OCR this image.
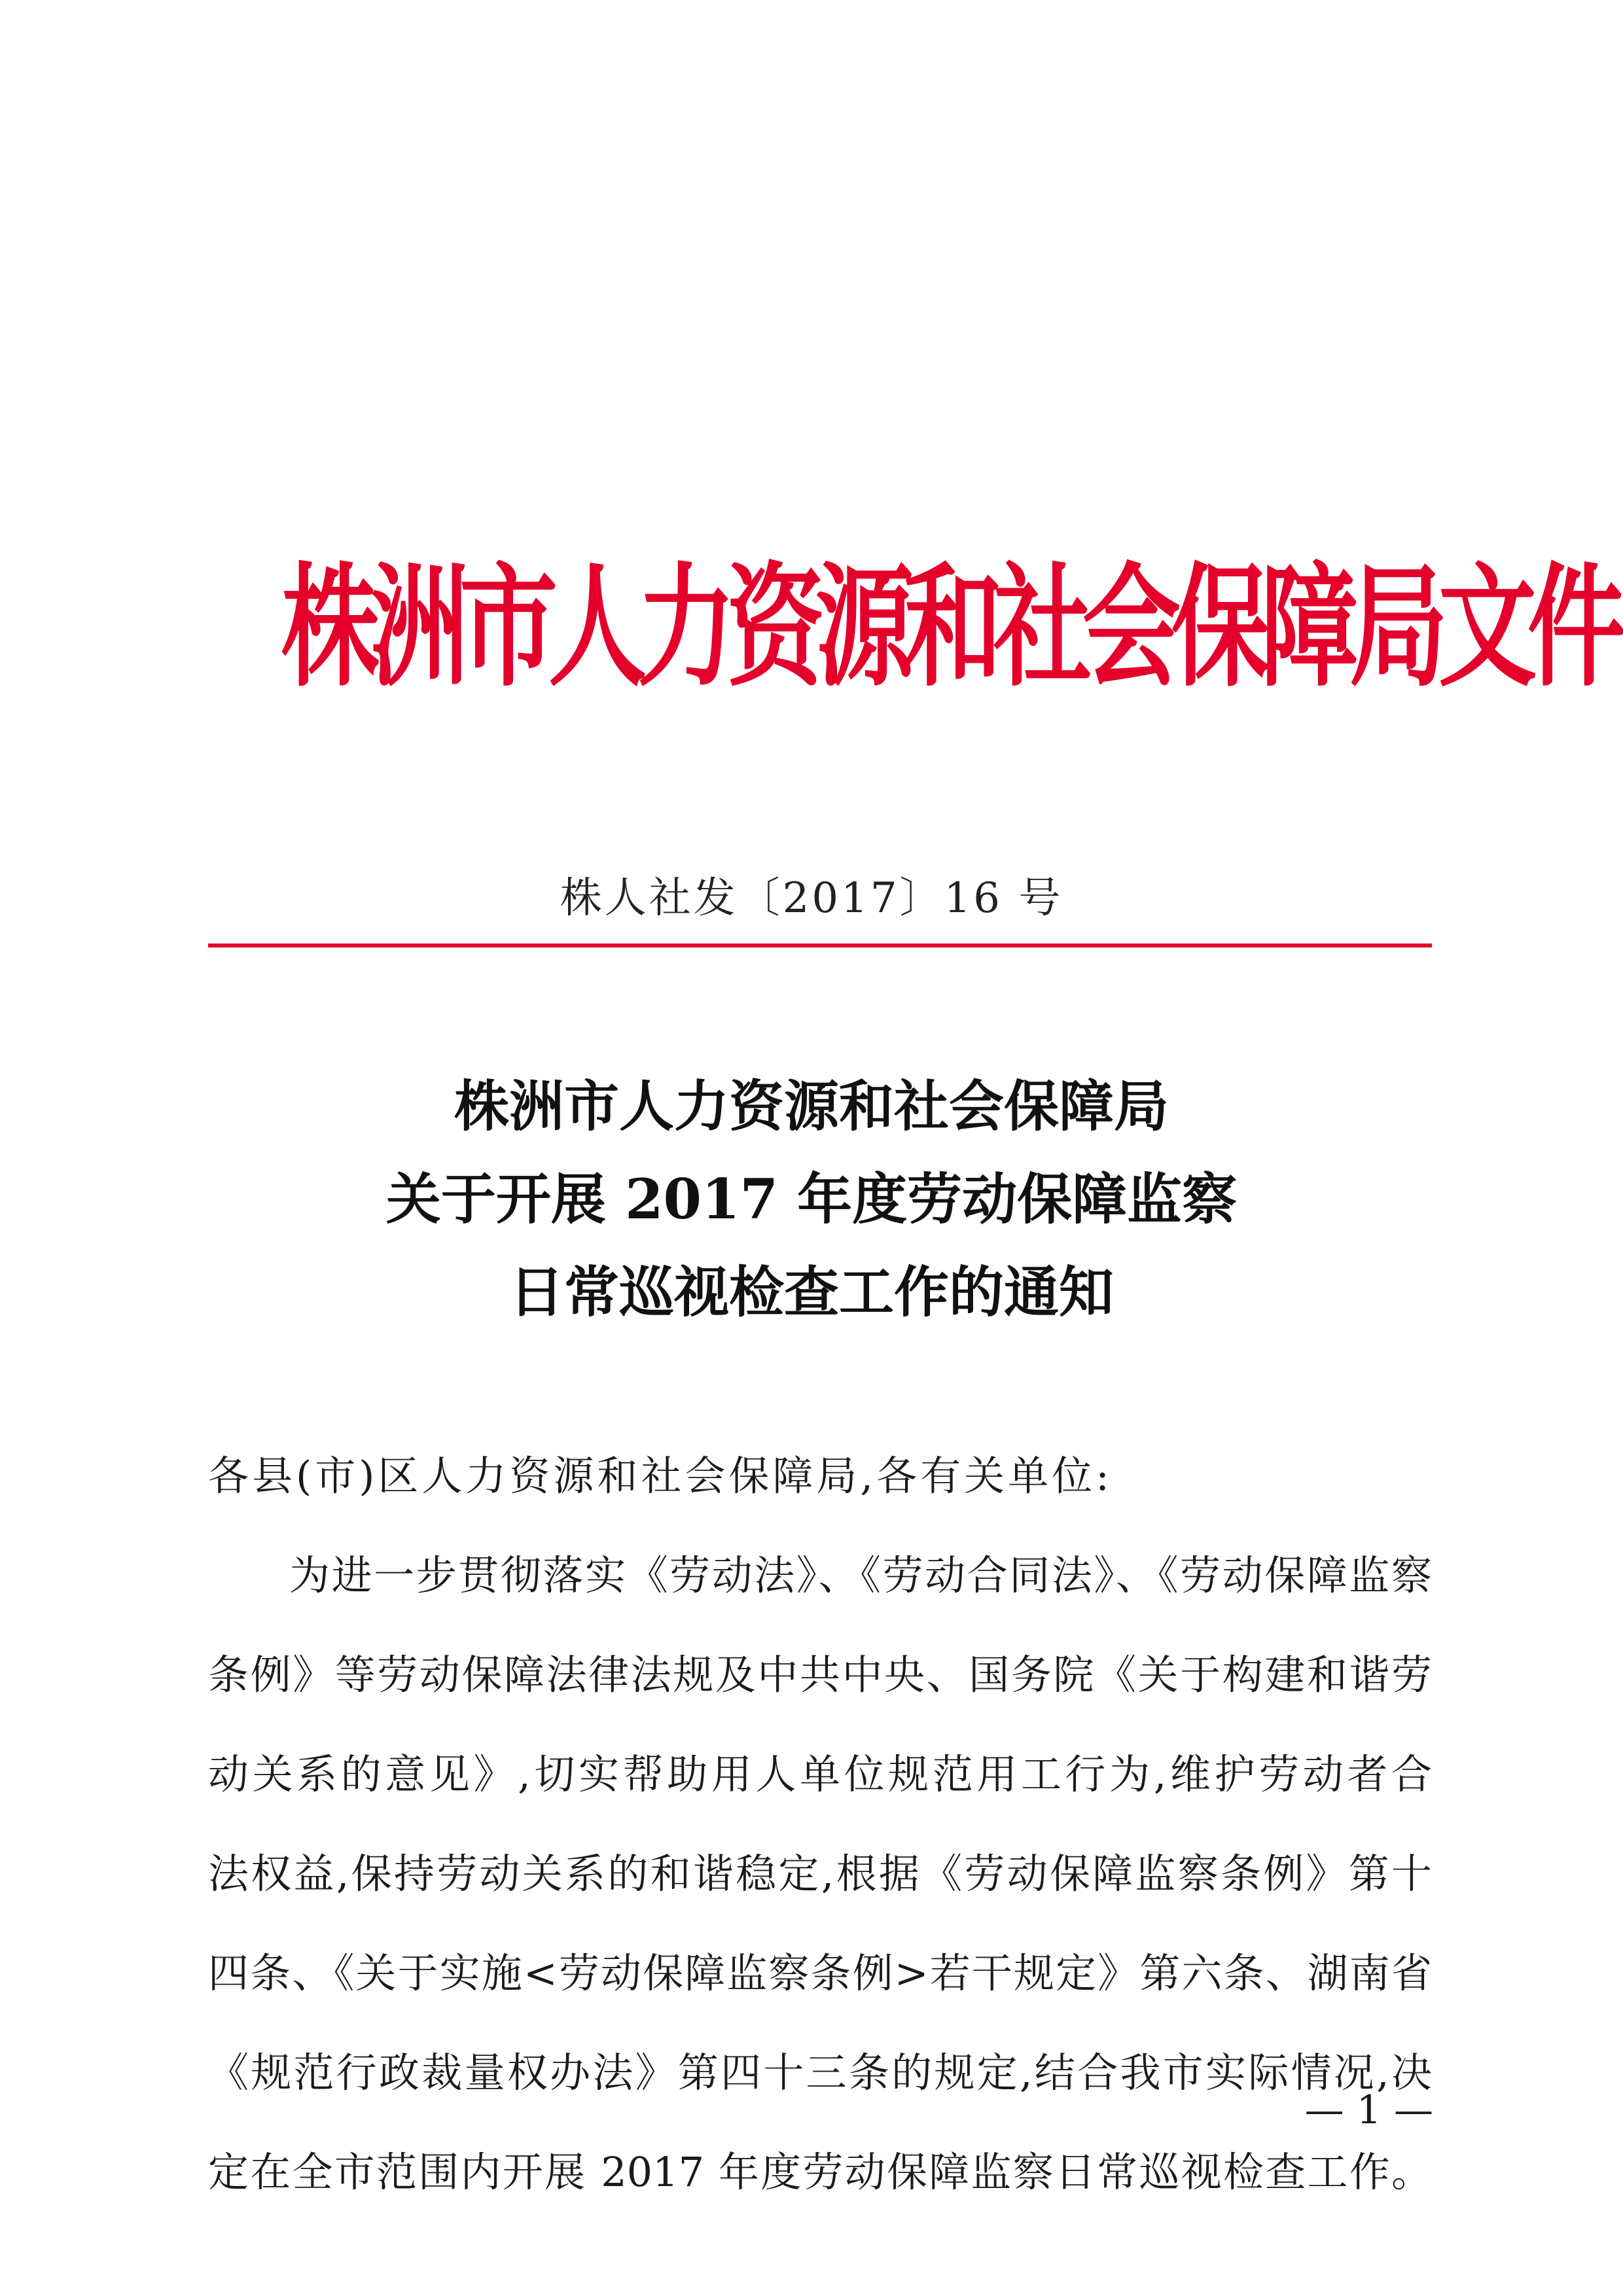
株洲市人力资源和社会保障局文件
株人社发〔2017〕16 号
株洲市人力资源和社会保障局
关于开展 2017 年度劳动保障监察
日常巡视检查工作的通知
各县(市)区人力资源和社会保障局,各有关单位:
为进一步贯彻落实《劳动法》、《劳动合同法》、《劳动保障监察
条例》等劳动保障法律法规及中共中央、国务院《关于构建和谐劳
动关系的意见》,切实帮助用人单位规范用工行为,维护劳动者合
法权益,保持劳动关系的和谐稳定,根据《劳动保障监察条例》第十
四条、《关于实施<劳动保障监察条例>若干规定》第六条、湖南省
《规范行政裁量权办法》第四十三条的规定,结合我市实际情况,决
定在全市范围内开展 2017 年度劳动保障监察日常巡视检查工作。
— 1 —
